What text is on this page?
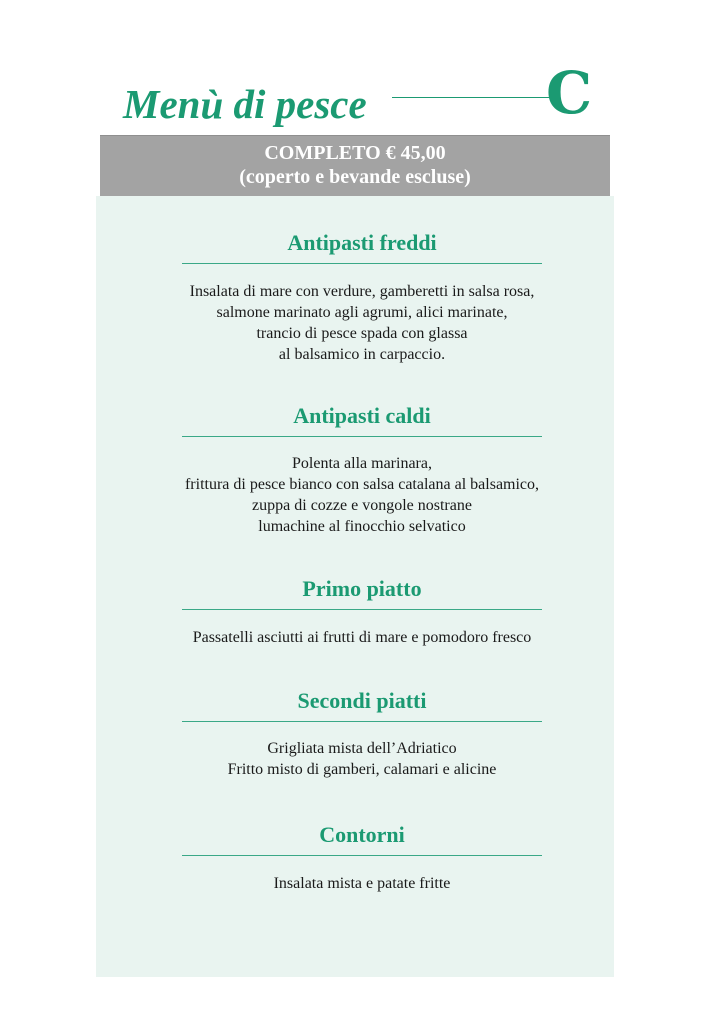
Menù di pesce	C
COMPLETO € 45,00
(coperto e bevande escluse)
Antipasti freddi
Insalata di mare con verdure, gamberetti in salsa rosa,
salmone marinato agli agrumi, alici marinate,
trancio di pesce spada con glassa
al balsamico in carpaccio.
Antipasti caldi
Polenta alla marinara,
frittura di pesce bianco con salsa catalana al balsamico,
zuppa di cozze e vongole nostrane
lumachine al finocchio selvatico
Primo piatto
Passatelli asciutti ai frutti di mare e pomodoro fresco
Secondi piatti
Grigliata mista dell’Adriatico
Fritto misto di gamberi, calamari e alicine
Contorni
Insalata mista e patate fritte
